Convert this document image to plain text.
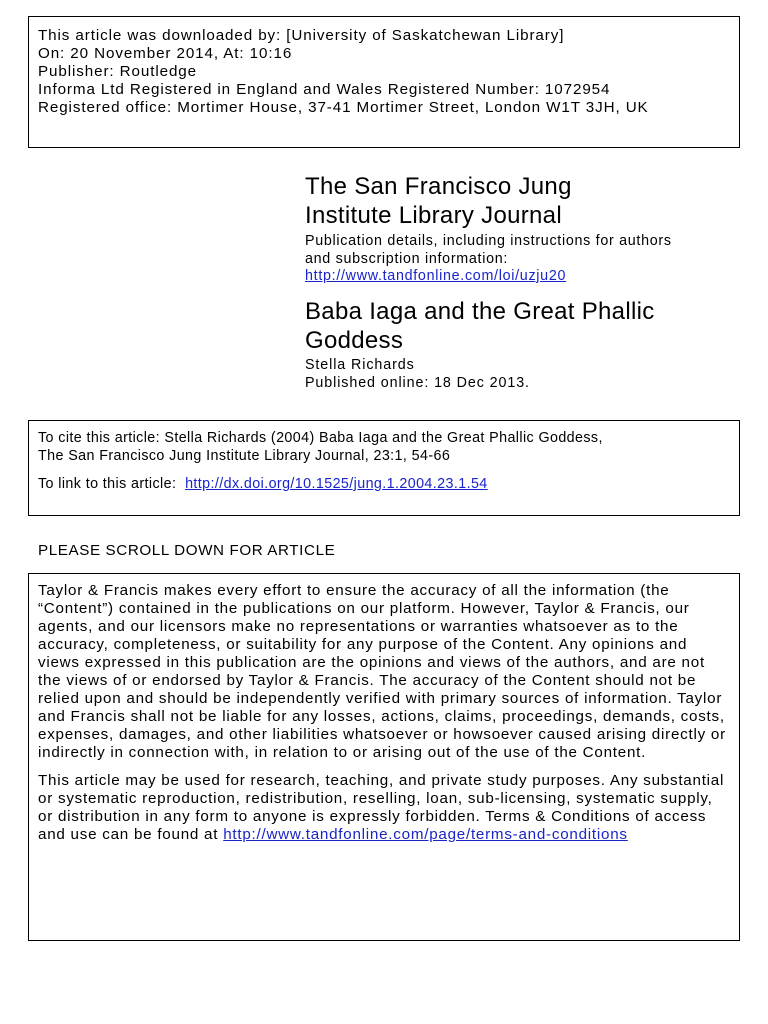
This article was downloaded by: [University of Saskatchewan Library]
On: 20 November 2014, At: 10:16
Publisher: Routledge
Informa Ltd Registered in England and Wales Registered Number: 1072954
Registered office: Mortimer House, 37-41 Mortimer Street, London W1T 3JH, UK
The San Francisco Jung
Institute Library Journal
Publication details, including instructions for authors
and subscription information:
http://www.tandfonline.com/loi/uzju20
Baba Iaga and the Great Phallic
Goddess
Stella Richards
Published online: 18 Dec 2013.
To cite this article: Stella Richards (2004) Baba Iaga and the Great Phallic Goddess,
The San Francisco Jung Institute Library Journal, 23:1, 54-66
To link to this article: http://dx.doi.org/10.1525/jung.1.2004.23.1.54
PLEASE SCROLL DOWN FOR ARTICLE

Taylor & Francis makes every effort to ensure the accuracy of all the information (the “Content”) contained in the publications on our platform. However, Taylor & Francis, our agents, and our licensors make no representations or warranties whatsoever as to the accuracy, completeness, or suitability for any purpose of the Content. Any opinions and views expressed in this publication are the opinions and views of the authors, and are not the views of or endorsed by Taylor & Francis. The accuracy of the Content should not be relied upon and should be independently verified with primary sources of information. Taylor and Francis shall not be liable for any losses, actions, claims, proceedings, demands, costs, expenses, damages, and other liabilities whatsoever or howsoever caused arising directly or indirectly in connection with, in relation to or arising out of the use of the Content.

This article may be used for research, teaching, and private study purposes. Any substantial or systematic reproduction, redistribution, reselling, loan, sub-licensing, systematic supply, or distribution in any form to anyone is expressly forbidden. Terms & Conditions of access and use can be found at http://www.tandfonline.com/page/terms-and-conditions
